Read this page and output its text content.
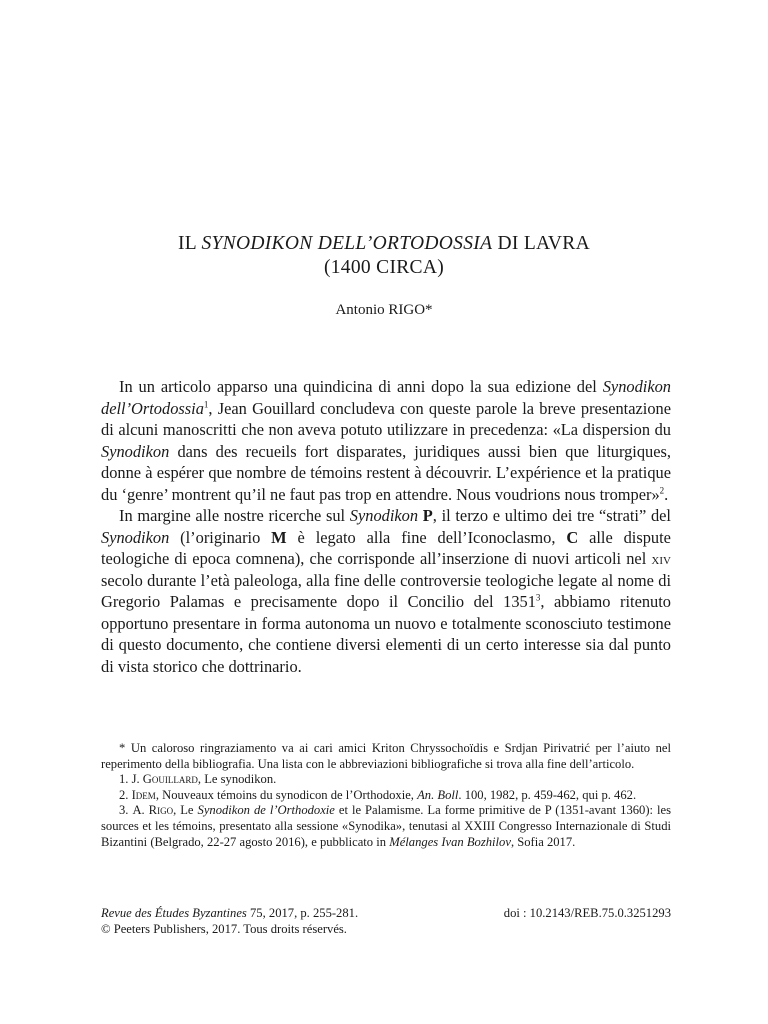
IL SYNODIKON DELL’ORTODOSSIA DI LAVRA
(1400 CIRCA)
Antonio RIGO*

In un articolo apparso una quindicina di anni dopo la sua edizione del Synodikon dell’Ortodossia$^1$, Jean Gouillard concludeva con queste parole la breve presentazione di alcuni manoscritti che non aveva potuto utilizzare in precedenza: «La dispersion du Synodikon dans des recueils fort disparates, juridiques aussi bien que liturgiques, donne à espérer que nombre de témoins restent à découvrir. L’expérience et la pratique du ‘genre’ montrent qu’il ne faut pas trop en attendre. Nous voudrions nous tromper»$^2$.

In margine alle nostre ricerche sul Synodikon P, il terzo e ultimo dei tre “strati” del Synodikon (l’originario M è legato alla fine dell’Iconoclasmo, C alle dispute teologiche di epoca comnena), che corrisponde all’inserzione di nuovi articoli nel xiv secolo durante l’età paleologa, alla fine delle controversie teologiche legate al nome di Gregorio Palamas e precisamente dopo il Concilio del 1351$^3$, abbiamo ritenuto opportuno presentare in forma autonoma un nuovo e totalmente sconosciuto testimone di questo documento, che contiene diversi elementi di un certo interesse sia dal punto di vista storico che dottrinario.

* Un caloroso ringraziamento va ai cari amici Kriton Chryssochoïdis e Srdjan Pirivatrić per l’aiuto nel reperimento della bibliografia. Una lista con le abbreviazioni bibliografiche si trova alla fine dell’articolo.

1. J. Gouillard, Le synodikon.

2. Idem, Nouveaux témoins du synodicon de l’Orthodoxie, An. Boll. 100, 1982, p. 459-462, qui p. 462.

3. A. Rigo, Le Synodikon de l’Orthodoxie et le Palamisme. La forme primitive de P (1351-avant 1360): les sources et les témoins, presentato alla sessione «Synodika», tenutasi al XXIII Congresso Internazionale di Studi Bizantini (Belgrado, 22-27 agosto 2016), e pubblicato in Mélanges Ivan Bozhilov, Sofia 2017.

Revue des Études Byzantines 75, 2017, p. 255-281.	doi : 10.2143/REB.75.0.3251293
© Peeters Publishers, 2017. Tous droits réservés.
